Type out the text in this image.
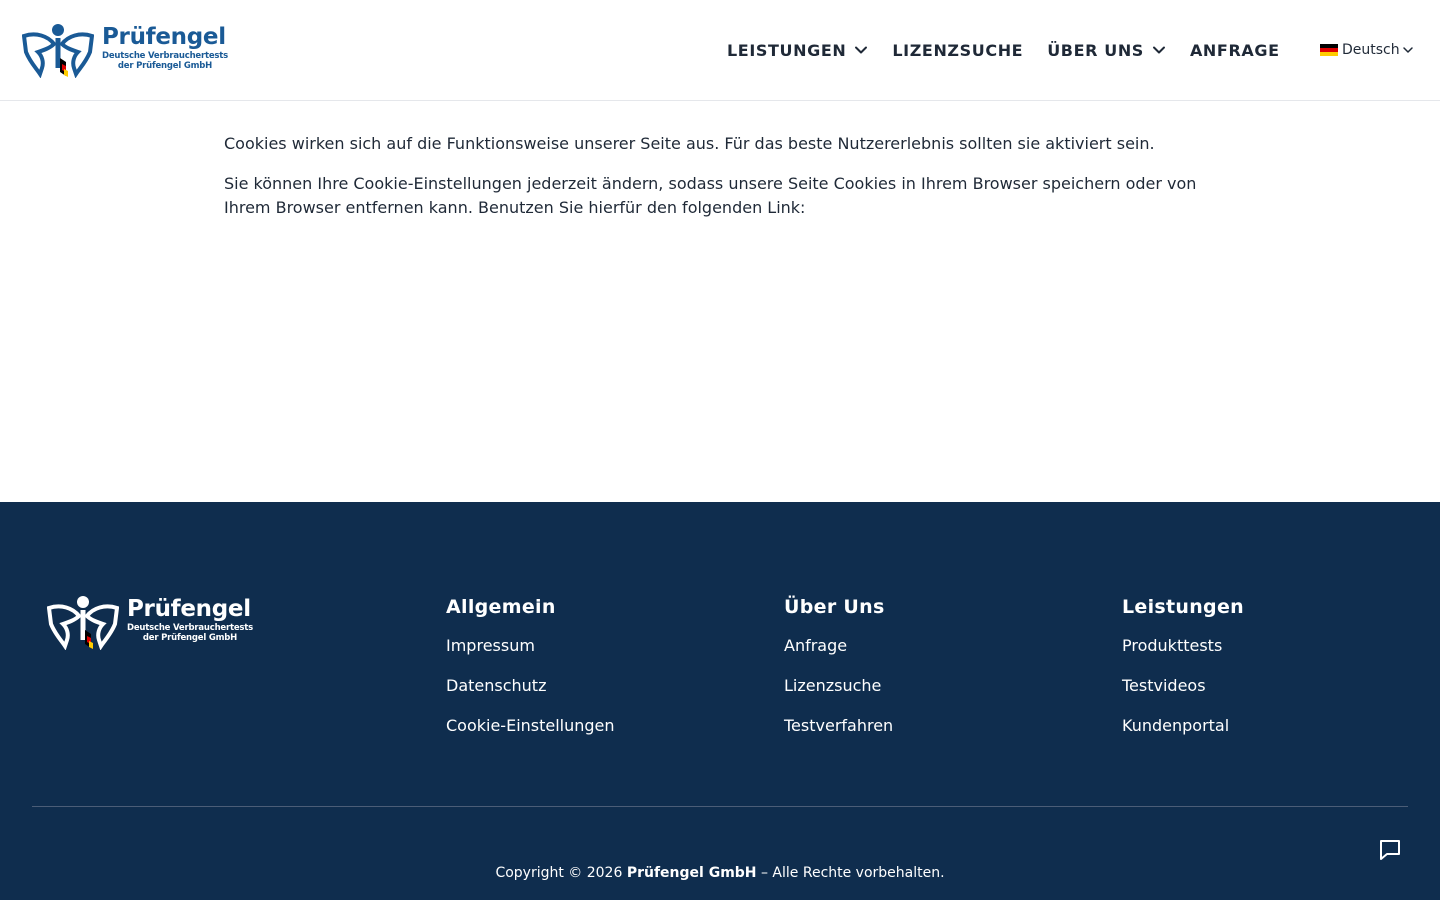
Prüfengel
Deutsche Verbrauchertests
der Prüfengel GmbH
LEISTUNGEN	LIZENZSUCHE ÜBER UNS	ANFRAGE	Deutsch

Cookies wirken sich auf die Funktionsweise unserer Seite aus. Für das beste Nutzererlebnis sollten sie aktiviert sein.

Sie können Ihre Cookie-Einstellungen jederzeit ändern, sodass unsere Seite Cookies in Ihrem Browser speichern oder von Ihrem Browser entfernen kann. Benutzen Sie hierfür den folgenden Link:

Prüfengel
Deutsche Verbrauchertests
der Prüfengel GmbH
Allgemein
Impressum
Datenschutz
Cookie-Einstellungen
Über Uns
Anfrage
Lizenzsuche
Testverfahren
Leistungen
Produkttests
Testvideos
Kundenportal
Copyright © 2026 Prüfengel GmbH – Alle Rechte vorbehalten.
